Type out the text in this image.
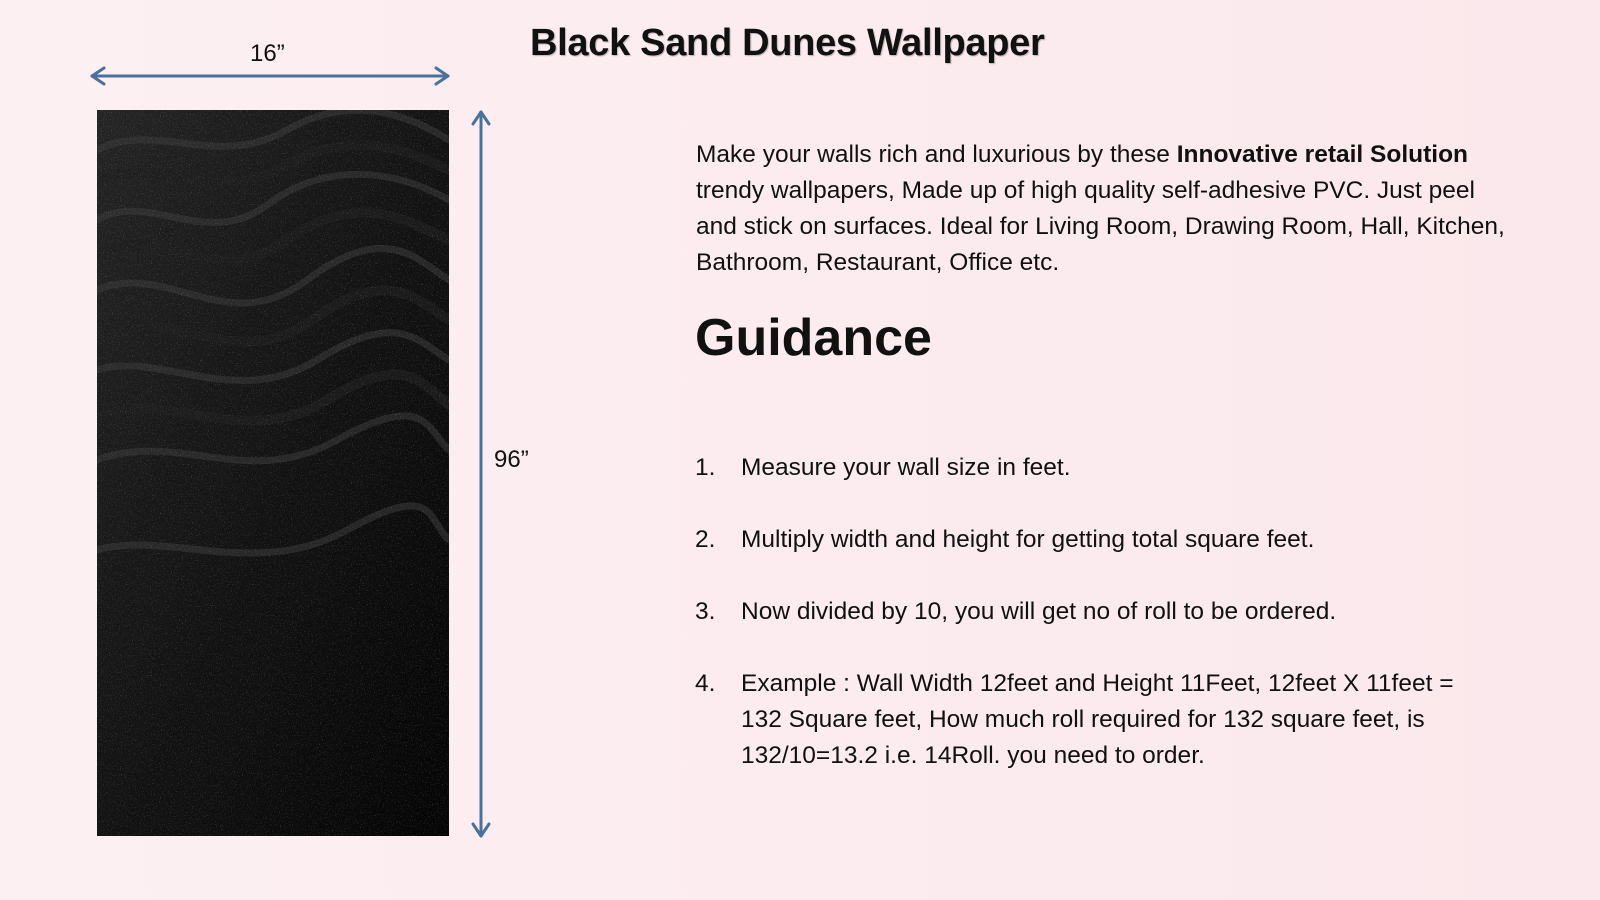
Black Sand Dunes Wallpaper
16”
96”
Make your walls rich and luxurious by these Innovative retail Solution trendy wallpapers, Made up of high quality self-adhesive PVC. Just peel and stick on surfaces. Ideal for Living Room, Drawing Room, Hall, Kitchen, Bathroom, Restaurant, Office etc.
Guidance
1. Measure your wall size in feet.
2. Multiply width and height for getting total square feet.
3. Now divided by 10, you will get no of roll to be ordered.
4. Example : Wall Width 12feet and Height 11Feet, 12feet X 11feet = 132 Square feet, How much roll required for 132 square feet, is 132/10=13.2 i.e. 14Roll. you need to order.
